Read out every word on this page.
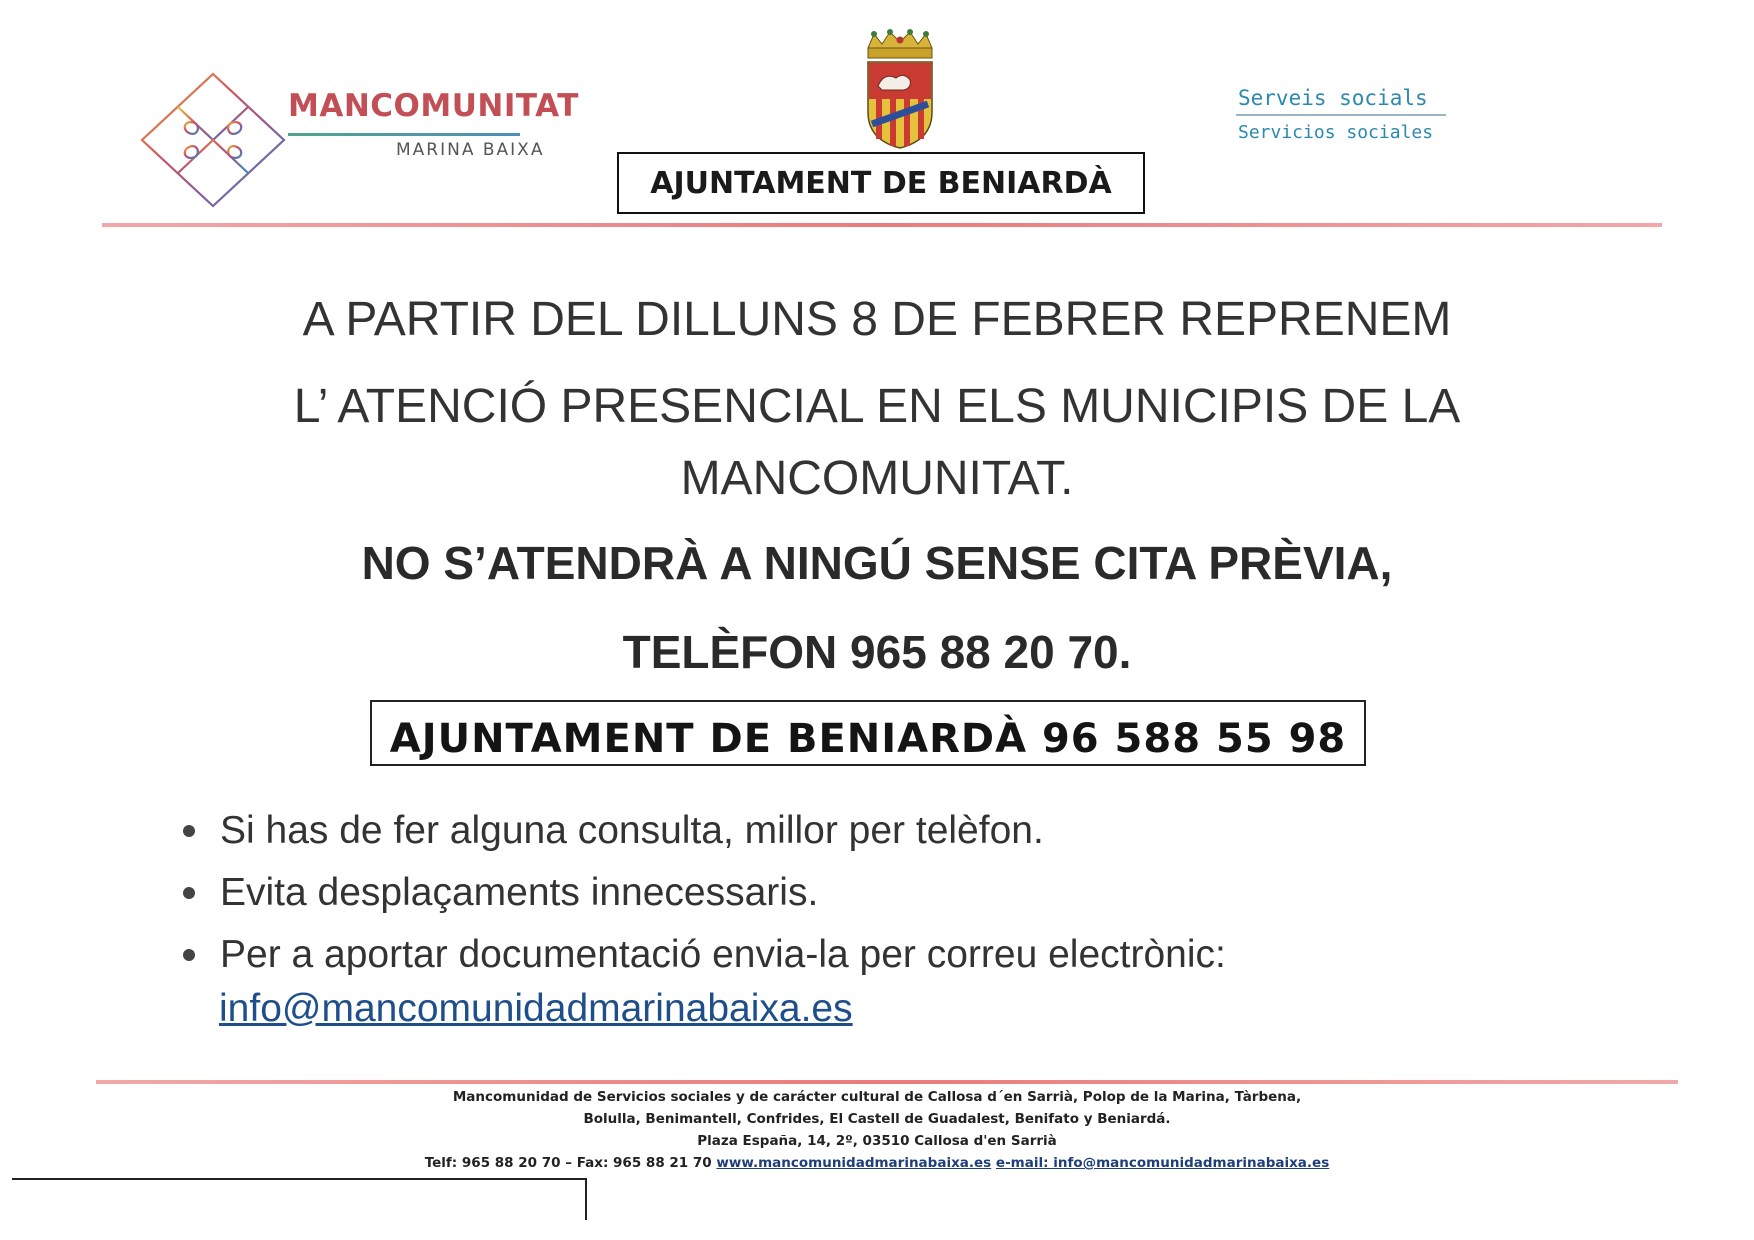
MANCOMUNITAT
MARINA BAIXA
AJUNTAMENT DE BENIARDÀ
Serveis socials
Servicios sociales
A PARTIR DEL DILLUNS 8 DE FEBRER REPRENEM
L’ ATENCIÓ PRESENCIAL EN ELS MUNICIPIS DE LA
MANCOMUNITAT.
NO S’ATENDRÀ A NINGÚ SENSE CITA PRÈVIA,
TELÈFON 965 88 20 70.
AJUNTAMENT DE BENIARDÀ 96 588 55 98
Si has de fer alguna consulta, millor per telèfon.
Evita desplaçaments innecessaris.
Per a aportar documentació envia-la per correu electrònic:
info@mancomunidadmarinabaixa.es
Mancomunidad de Servicios sociales y de carácter cultural de Callosa d´en Sarrià, Polop de la Marina, Tàrbena,
Bolulla, Benimantell, Confrides, El Castell de Guadalest, Benifato y Beniardá.
Plaza España, 14, 2º, 03510 Callosa d'en Sarrià
Telf: 965 88 20 70 – Fax: 965 88 21 70 www.mancomunidadmarinabaixa.es e-mail: info@mancomunidadmarinabaixa.es
